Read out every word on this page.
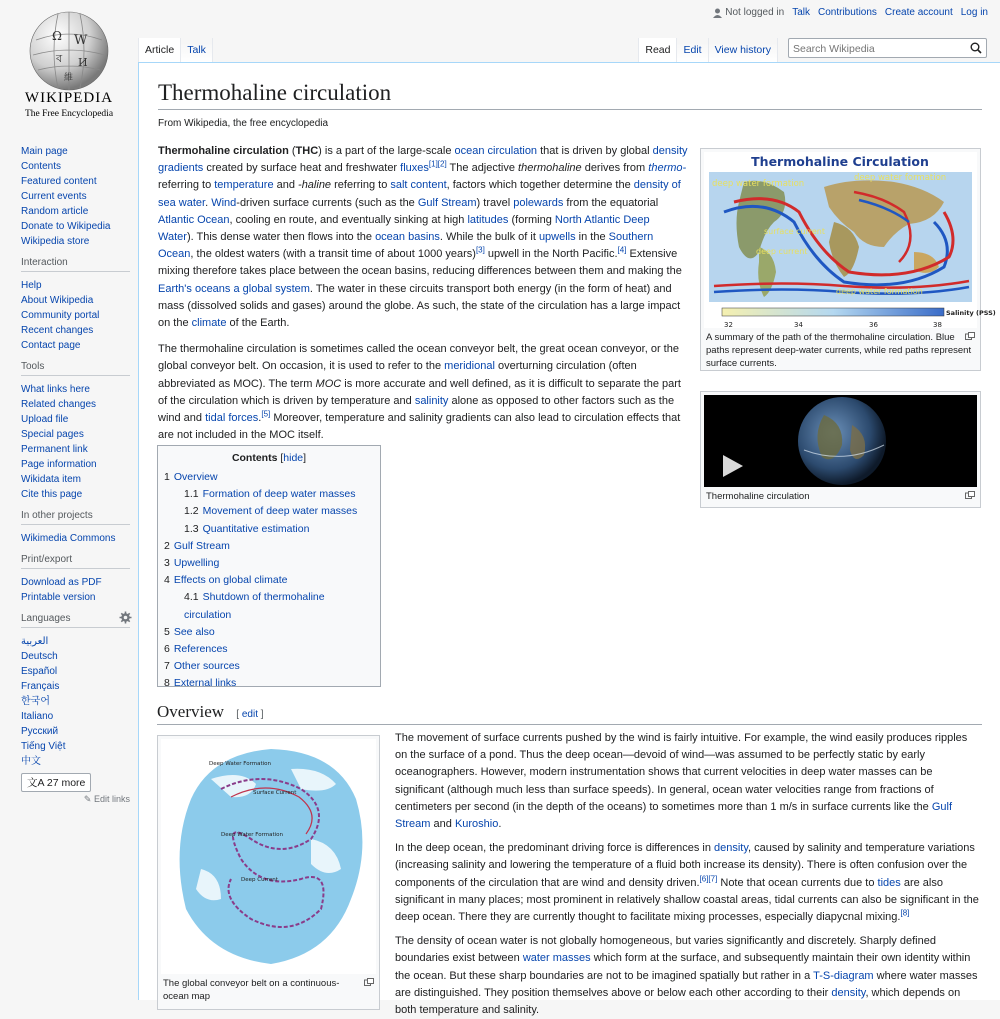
Ω W
ব И
維
WIKIPEDIA
The Free Encyclopedia
Not logged in Talk Contributions Create account Log in
Article	Talk	Read	Edit	View history
Search Wikipedia
Main page
Contents
Featured content
Current events
Random article
Donate to Wikipedia
Wikipedia store
Interaction
Help
About Wikipedia
Community portal
Recent changes
Contact page
Tools
What links here
Related changes
Upload file
Special pages
Permanent link
Page information
Wikidata item
Cite this page
In other projects
Wikimedia Commons
Print/export
Download as PDF
Printable version
Languages
العربية
Deutsch
Español
Français
한국어
Italiano
Русский
Tiếng Việt
中文
文A 27 more
✎ Edit links
Thermohaline circulation
From Wikipedia, the free encyclopedia

Thermohaline circulation (THC) is a part of the large-scale ocean circulation that is driven by global density gradients created by surface heat and freshwater fluxes[1][2] The adjective thermohaline derives from thermo- referring to temperature and -haline referring to salt content, factors which together determine the density of sea water. Wind-driven surface currents (such as the Gulf Stream) travel polewards from the equatorial Atlantic Ocean, cooling en route, and eventually sinking at high latitudes (forming North Atlantic Deep Water). This dense water then flows into the ocean basins. While the bulk of it upwells in the Southern Ocean, the oldest waters (with a transit time of about 1000 years)[3] upwell in the North Pacific.[4] Extensive mixing therefore takes place between the ocean basins, reducing differences between them and making the Earth's oceans a global system. The water in these circuits transport both energy (in the form of heat) and mass (dissolved solids and gases) around the globe. As such, the state of the circulation has a large impact on the climate of the Earth.

The thermohaline circulation is sometimes called the ocean conveyor belt, the great ocean conveyor, or the global conveyor belt. On occasion, it is used to refer to the meridional overturning circulation (often abbreviated as MOC). The term MOC is more accurate and well defined, as it is difficult to separate the part of the circulation which is driven by temperature and salinity alone as opposed to other factors such as the wind and tidal forces.[5] Moreover, temperature and salinity gradients can also lead to circulation effects that are not included in the MOC itself.

Thermohaline Circulation
deep water formation
deep water formation
surface current
deep current
deep water formation
32	34	36	38
Salinity (PSS)
A summary of the path of the thermohaline circulation. Blue paths represent deep-water currents, while red paths represent surface currents.
Thermohaline circulation
Contents [hide]
1 Overview
1.1 Formation of deep water masses
1.2 Movement of deep water masses
1.3 Quantitative estimation
2 Gulf Stream
3 Upwelling
4 Effects on global climate
4.1 Shutdown of thermohaline circulation
5 See also
6 References
7 Other sources
8 External links
Overview [ edit ]
Deep Water Formation
Surface Current
Deep Water Formation
Deep Current
The global conveyor belt on a continuous-ocean map

The movement of surface currents pushed by the wind is fairly intuitive. For example, the wind easily produces ripples on the surface of a pond. Thus the deep ocean—devoid of wind—was assumed to be perfectly static by early oceanographers. However, modern instrumentation shows that current velocities in deep water masses can be significant (although much less than surface speeds). In general, ocean water velocities range from fractions of centimeters per second (in the depth of the oceans) to sometimes more than 1 m/s in surface currents like the Gulf Stream and Kuroshio.

In the deep ocean, the predominant driving force is differences in density, caused by salinity and temperature variations (increasing salinity and lowering the temperature of a fluid both increase its density). There is often confusion over the components of the circulation that are wind and density driven.[6][7] Note that ocean currents due to tides are also significant in many places; most prominent in relatively shallow coastal areas, tidal currents can also be significant in the deep ocean. There they are currently thought to facilitate mixing processes, especially diapycnal mixing.[8]

The density of ocean water is not globally homogeneous, but varies significantly and discretely. Sharply defined boundaries exist between water masses which form at the surface, and subsequently maintain their own identity within the ocean. But these sharp boundaries are not to be imagined spatially but rather in a T-S-diagram where water masses are distinguished. They position themselves above or below each other according to their density, which depends on both temperature and salinity.
